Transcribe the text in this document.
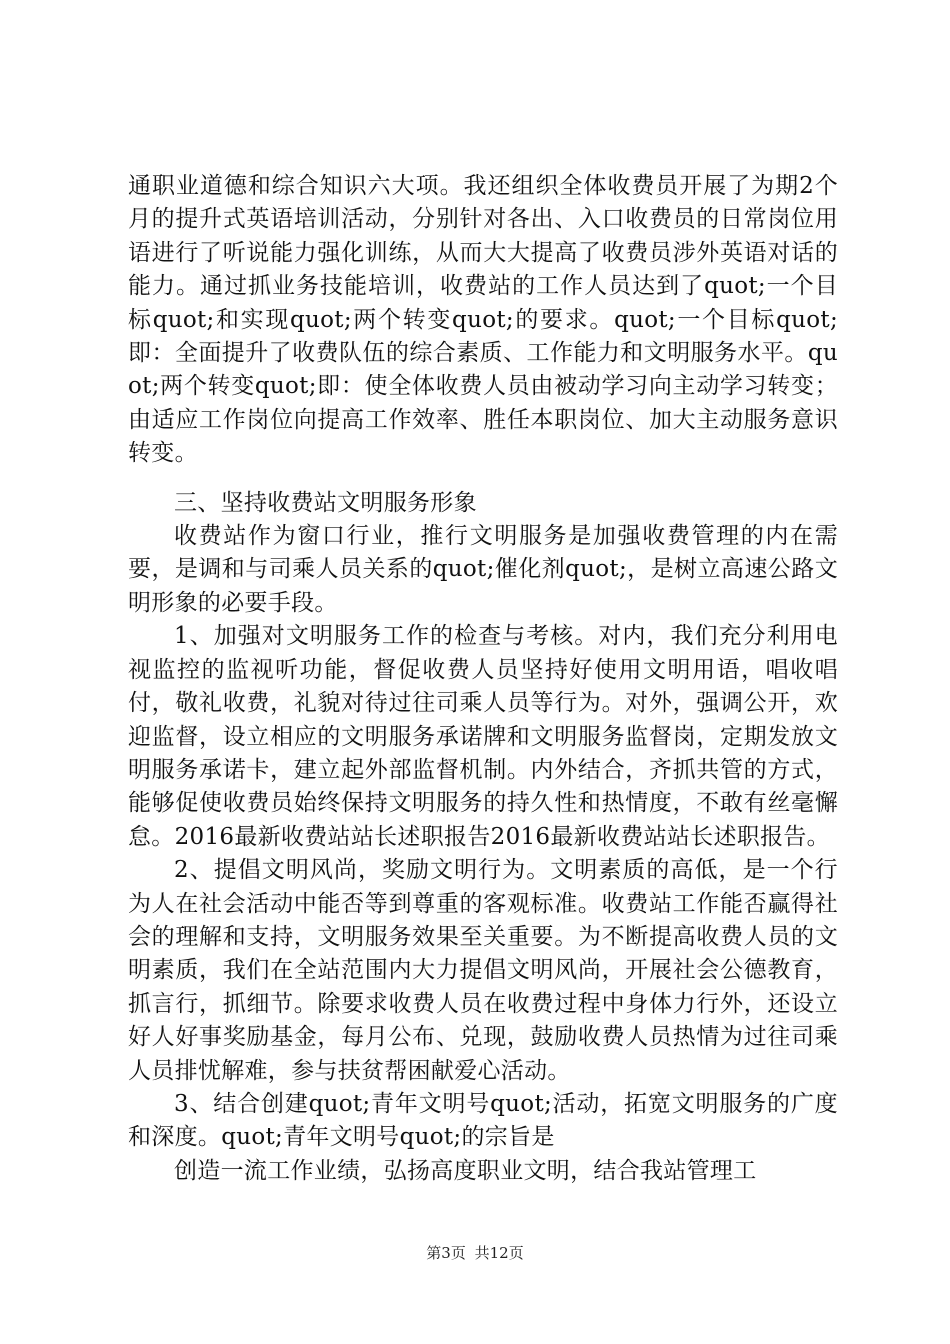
通职业道德和综合知识六大项。我还组织全体收费员开展了为期2个月的提升式英语培训活动，分别针对各出、入口收费员的日常岗位用语进行了听说能力强化训练，从而大大提高了收费员涉外英语对话的能力。通过抓业务技能培训，收费站的工作人员达到了quot;一个目标quot;和实现quot;两个转变quot;的要求。quot;一个目标quot;即：全面提升了收费队伍的综合素质、工作能力和文明服务水平。quot;两个转变quot;即：使全体收费人员由被动学习向主动学习转变；由适应工作岗位向提高工作效率、胜任本职岗位、加大主动服务意识转变。

三、坚持收费站文明服务形象

收费站作为窗口行业，推行文明服务是加强收费管理的内在需要，是调和与司乘人员关系的quot;催化剂quot;，是树立高速公路文明形象的必要手段。

1、加强对文明服务工作的检查与考核。对内，我们充分利用电视监控的监视听功能，督促收费人员坚持好使用文明用语，唱收唱付，敬礼收费，礼貌对待过往司乘人员等行为。对外，强调公开，欢迎监督，设立相应的文明服务承诺牌和文明服务监督岗，定期发放文明服务承诺卡，建立起外部监督机制。内外结合，齐抓共管的方式，能够促使收费员始终保持文明服务的持久性和热情度，不敢有丝毫懈怠。2016最新收费站站长述职报告2016最新收费站站长述职报告。

2、提倡文明风尚，奖励文明行为。文明素质的高低，是一个行为人在社会活动中能否等到尊重的客观标准。收费站工作能否赢得社会的理解和支持，文明服务效果至关重要。为不断提高收费人员的文明素质，我们在全站范围内大力提倡文明风尚，开展社会公德教育，抓言行，抓细节。除要求收费人员在收费过程中身体力行外，还设立好人好事奖励基金，每月公布、兑现，鼓励收费人员热情为过往司乘人员排忧解难，参与扶贫帮困献爱心活动。

3、结合创建quot;青年文明号quot;活动，拓宽文明服务的广度和深度。quot;青年文明号quot;的宗旨是

创造一流工作业绩，弘扬高度职业文明，结合我站管理工

第3页 共12页
